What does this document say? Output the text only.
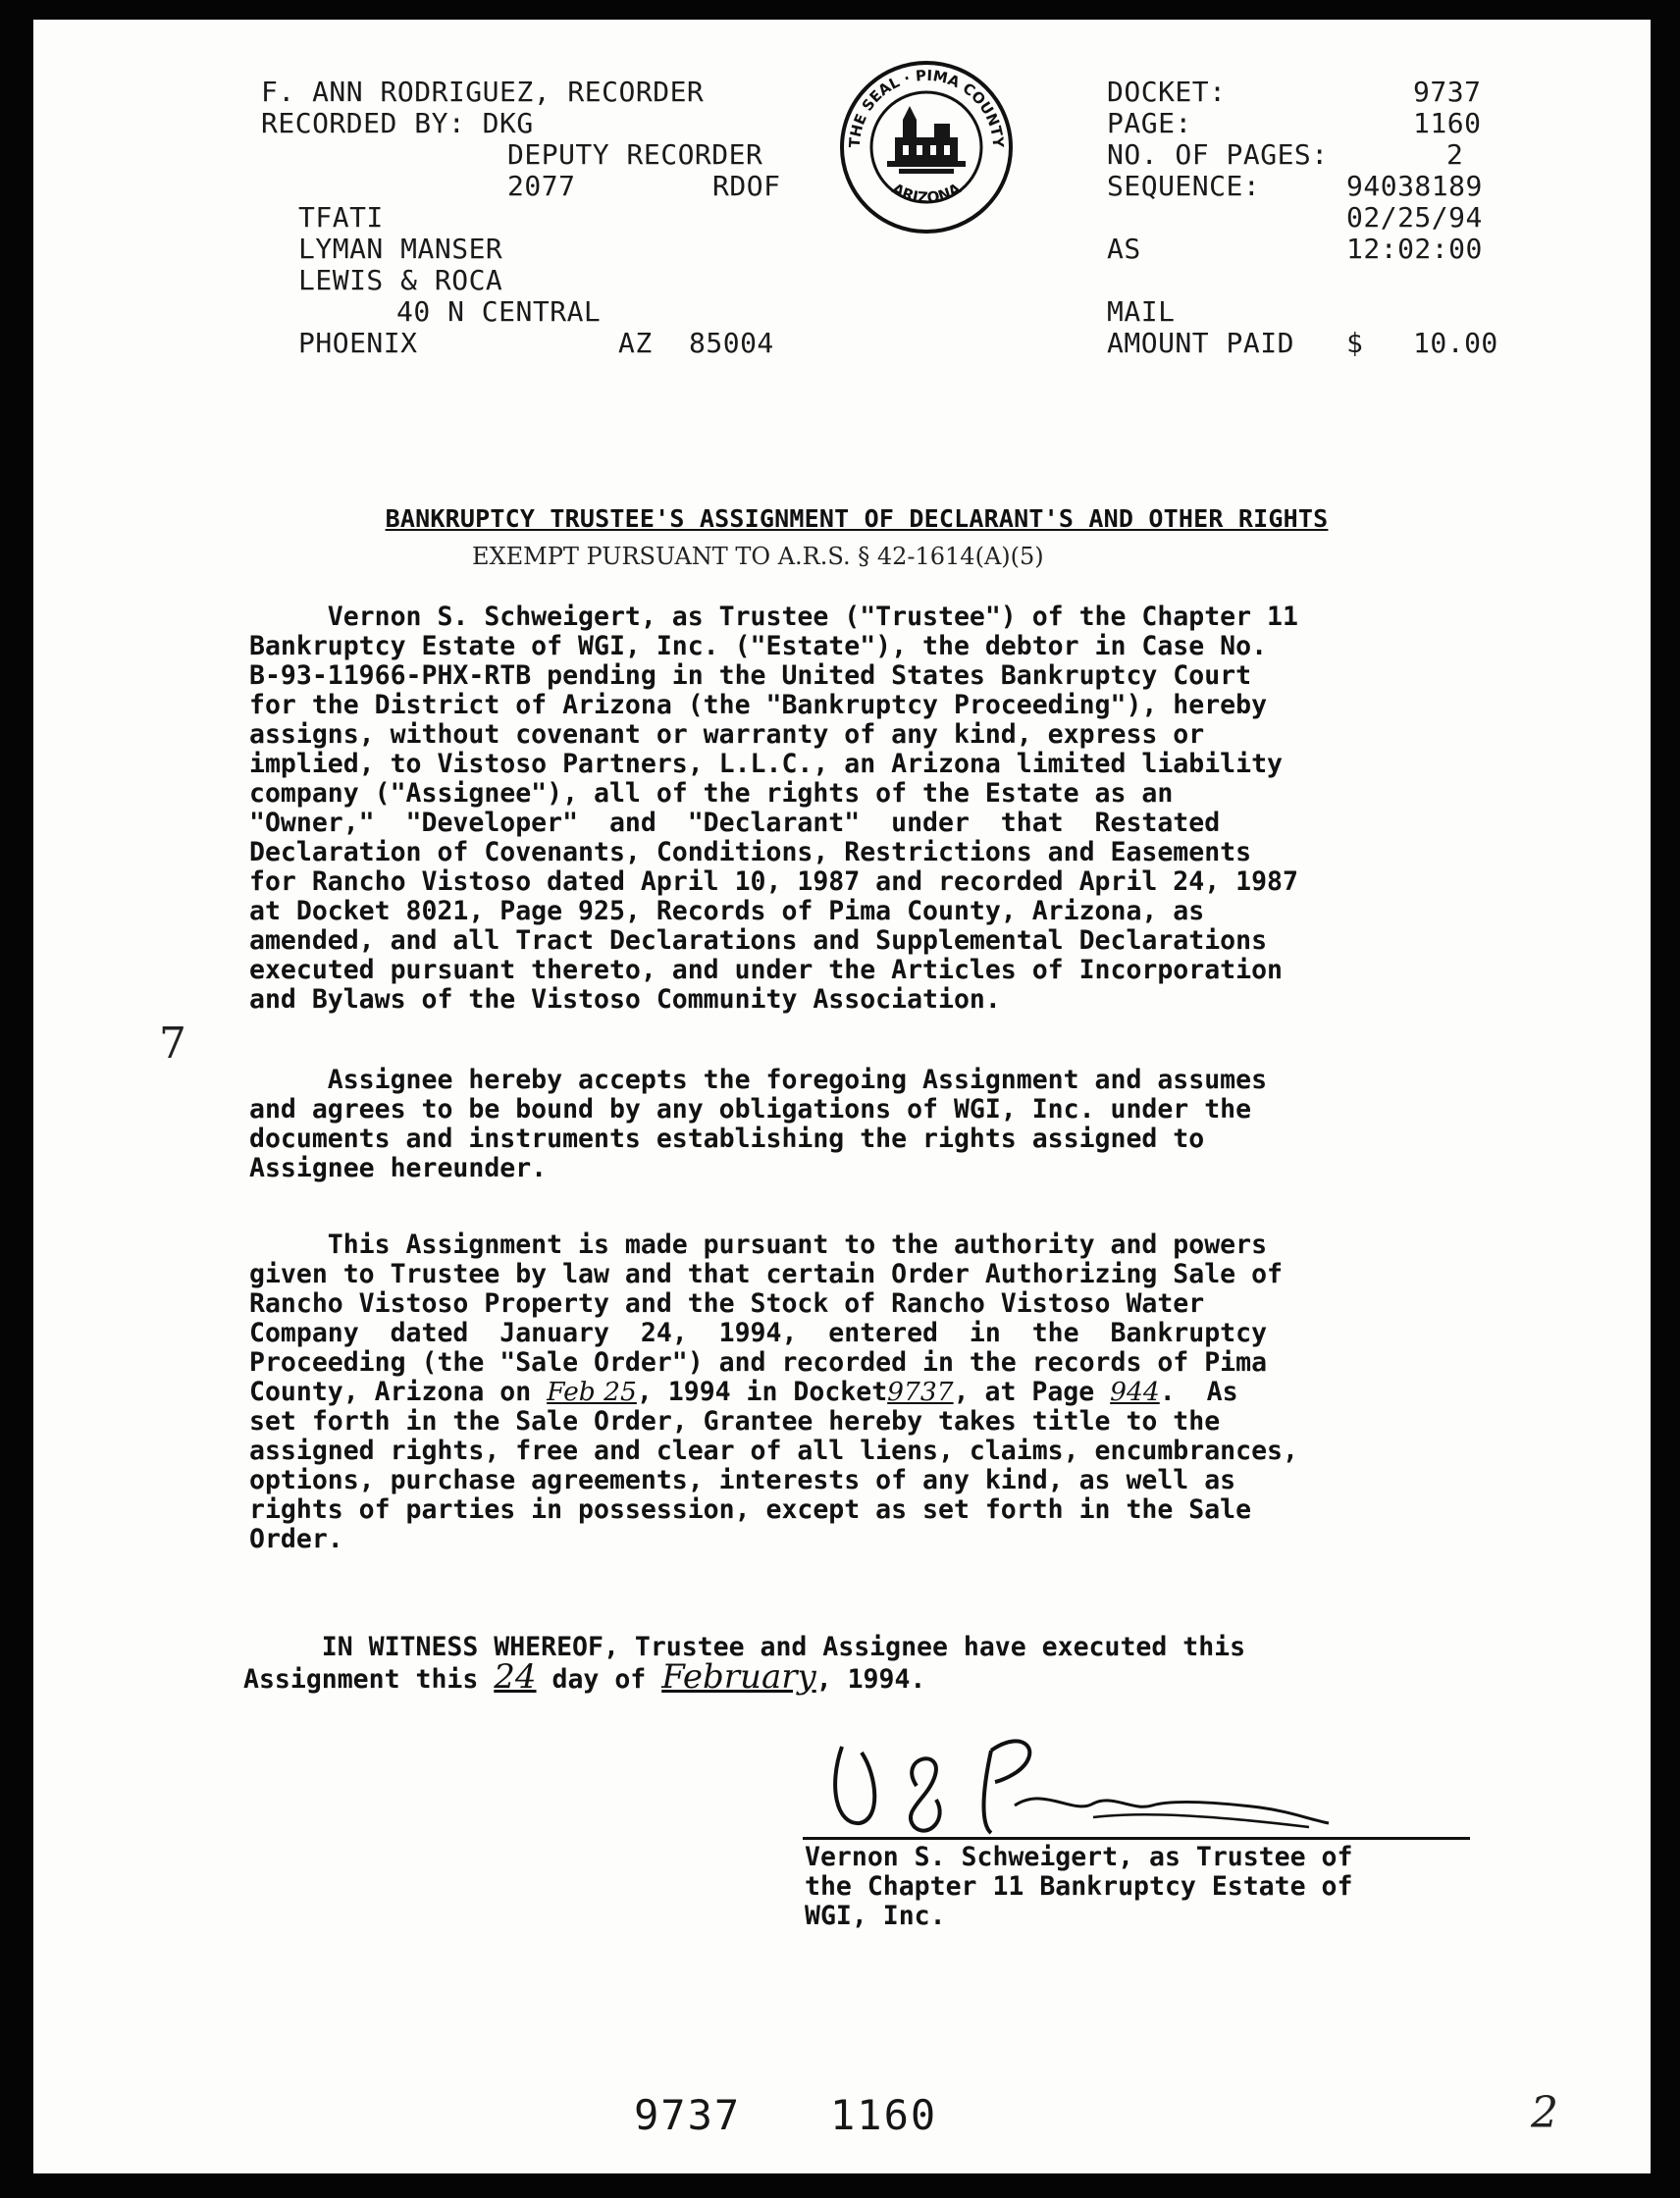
F. ANN RODRIGUEZ, RECORDER
RECORDED BY: DKG
DEPUTY RECORDER
2077	RDOF
TFATI
LYMAN MANSER
LEWIS & ROCA
40 N CENTRAL
PHOENIX	AZ 85004
THE SEAL · PIMA COUNTY
ARIZONA
DOCKET:	9737
PAGE:	1160
NO. OF PAGES:	2
SEQUENCE:	94038189
02/25/94
AS	12:02:00
MAIL
AMOUNT PAID $ 10.00
BANKRUPTCY TRUSTEE'S ASSIGNMENT OF DECLARANT'S AND OTHER RIGHTS
EXEMPT PURSUANT TO A.R.S. § 42-1614(A)(5)
Vernon S. Schweigert, as Trustee ("Trustee") of the Chapter 11
Bankruptcy Estate of WGI, Inc. ("Estate"), the debtor in Case No.
B-93-11966-PHX-RTB pending in the United States Bankruptcy Court
for the District of Arizona (the "Bankruptcy Proceeding"), hereby
assigns, without covenant or warranty of any kind, express or
implied, to Vistoso Partners, L.L.C., an Arizona limited liability
company ("Assignee"), all of the rights of the Estate as an
"Owner,"  "Developer"  and  "Declarant"  under  that  Restated
Declaration of Covenants, Conditions, Restrictions and Easements
for Rancho Vistoso dated April 10, 1987 and recorded April 24, 1987
at Docket 8021, Page 925, Records of Pima County, Arizona, as
amended, and all Tract Declarations and Supplemental Declarations
executed pursuant thereto, and under the Articles of Incorporation
and Bylaws of the Vistoso Community Association.
7
Assignee hereby accepts the foregoing Assignment and assumes
and agrees to be bound by any obligations of WGI, Inc. under the
documents and instruments establishing the rights assigned to
Assignee hereunder.
This Assignment is made pursuant to the authority and powers
given to Trustee by law and that certain Order Authorizing Sale of
Rancho Vistoso Property and the Stock of Rancho Vistoso Water
Company  dated  January  24,  1994,  entered  in  the  Bankruptcy
Proceeding (the "Sale Order") and recorded in the records of Pima
County, Arizona on Feb 25, 1994 in Docket9737, at Page 944.  As
set forth in the Sale Order, Grantee hereby takes title to the
assigned rights, free and clear of all liens, claims, encumbrances,
options, purchase agreements, interests of any kind, as well as
rights of parties in possession, except as set forth in the Sale
Order.
IN WITNESS WHEREOF, Trustee and Assignee have executed this
Assignment this 24 day of February, 1994.
Vernon S. Schweigert, as Trustee of
the Chapter 11 Bankruptcy Estate of
WGI, Inc.
9737 1160	2
